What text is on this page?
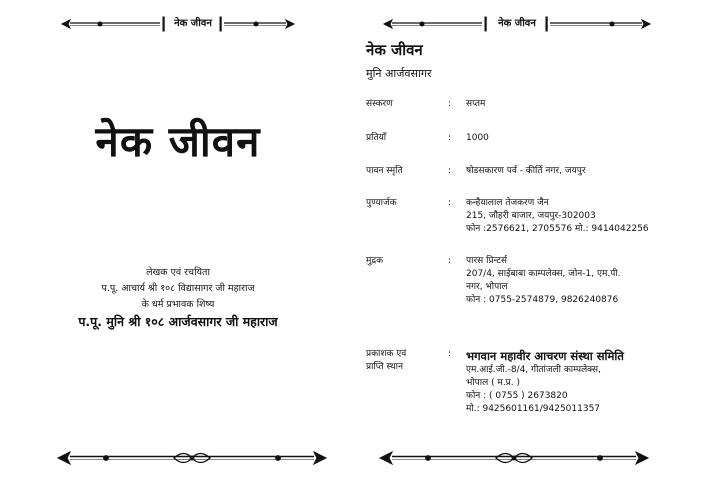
नेक जीवन
नेक जीवन
लेखक एवं रचयिता
प.पू. आचार्य श्री १०८ विद्यासागर जी महाराज
के धर्म प्रभावक शिष्य
प.पू. मुनि श्री १०८ आर्जवसागर जी महाराज
नेक जीवन
नेक जीवन
मुनि आर्जवसागर
संस्करण	: सप्तम
प्रतियाँ	: 1000
पावन स्मृति	: षोडसकारण पर्व - कीर्ति नगर, जयपुर
पुण्यार्जक	: कन्हैयालाल तेजकरण जैन
215, जौहरी बाजार, जयपुर-302003
फोन :2576621, 2705576 मो.: 9414042256
मुद्रक	: पारस प्रिन्टर्स
207/4, साईबाबा काम्पलेक्स, जोन-1, एम.पी.
नगर, भोपाल
फोन : 0755-2574879, 9826240876
प्रकाशक एवं
प्राप्ति स्थान
: भगवान महावीर आचरण संस्था समिति
एम.आई.जी.-8/4, गीतांजली काम्पलेक्स,
भोपाल ( म.प्र. )
फोन : ( 0755 ) 2673820
मो.: 9425601161/9425011357
